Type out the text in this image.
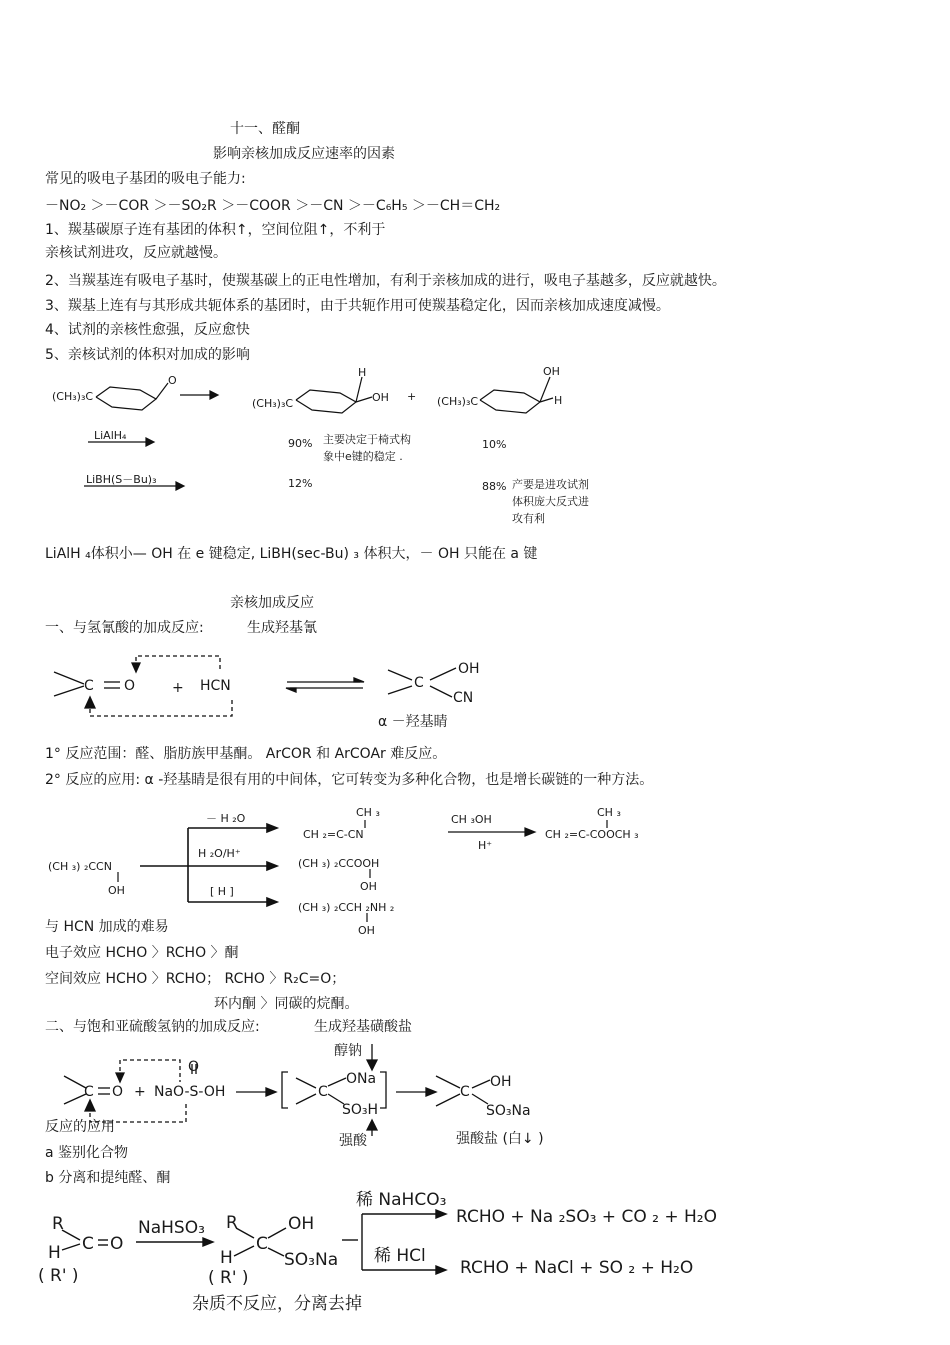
十一、醛酮
影响亲核加成反应速率的因素
常见的吸电子基团的吸电子能力:
－NO₂ ＞－COR ＞－SO₂R ＞－COOR ＞－CN ＞－C₆H₅ ＞－CH＝CH₂
1、羰基碳原子连有基团的体积↑，空间位阻↑，不利于
亲核试剂进攻，反应就越慢。
2、当羰基连有吸电子基时，使羰基碳上的正电性增加，有利于亲核加成的进行，吸电子基越多，反应就越快。
3、羰基上连有与其形成共轭体系的基团时，由于共轭作用可使羰基稳定化，因而亲核加成速度减慢。
4、试剂的亲核性愈强，反应愈快
5、亲核试剂的体积对加成的影响
(CH₃)₃C
O
(CH₃)₃C
H
OH + (CH₃)₃C
OH
H
LiAlH₄
LiBH(S－Bu)₃
90%	10%
主要决定于椅式构
象中e键的稳定 .
12%	88% 产要是进攻试剂
体积庞大反式进
攻有利
LiAlH ₄体积小— OH 在 e 键稳定, LiBH(sec-Bu) ₃ 体积大，－ OH 只能在 a 键
亲核加成反应
一、与氢氰酸的加成反应:	生成羟基氰
C O	+ HCN	C
OH
CN
α －羟基睛
1° 反应范围：醛、脂肪族甲基酮。 ArCOR 和 ArCOAr 难反应。
2° 反应的应用: α -羟基睛是很有用的中间体，它可转变为多种化合物，也是增长碳链的一种方法。
(CH ₃) ₂CCN
OH
－ H ₂O
H ₂O/H⁺
[ H ]
CH ₃
CH ₂=C-CN
(CH ₃) ₂CCOOH
OH
(CH ₃) ₂CCH ₂NH ₂
OH
CH ₃OH
H⁺
CH ₃
CH ₂=C-COOCH ₃
与 HCN 加成的难易
电子效应 HCHO 〉RCHO 〉酮
空间效应 HCHO 〉RCHO； RCHO 〉R₂C=O；
环内酮 〉同碳的烷酮。
二、与饱和亚硫酸氢钠的加成反应:	生成羟基磺酸盐
醇钠
C O + NaO-S-OH
O
C
ONa
SO₃H
C
OH
SO₃Na
强酸	强酸盐 (白↓ )
反应的应用
a 鉴别化合物
b 分离和提纯醛、酮
R
H C O
( R' )
NaHSO₃ R
H
C
OH
SO₃Na
( R' )
稀 NaHCO₃
稀 HCl
RCHO + Na ₂SO₃ + CO ₂ + H₂O
RCHO + NaCl + SO ₂ + H₂O
杂质不反应，分离去掉
